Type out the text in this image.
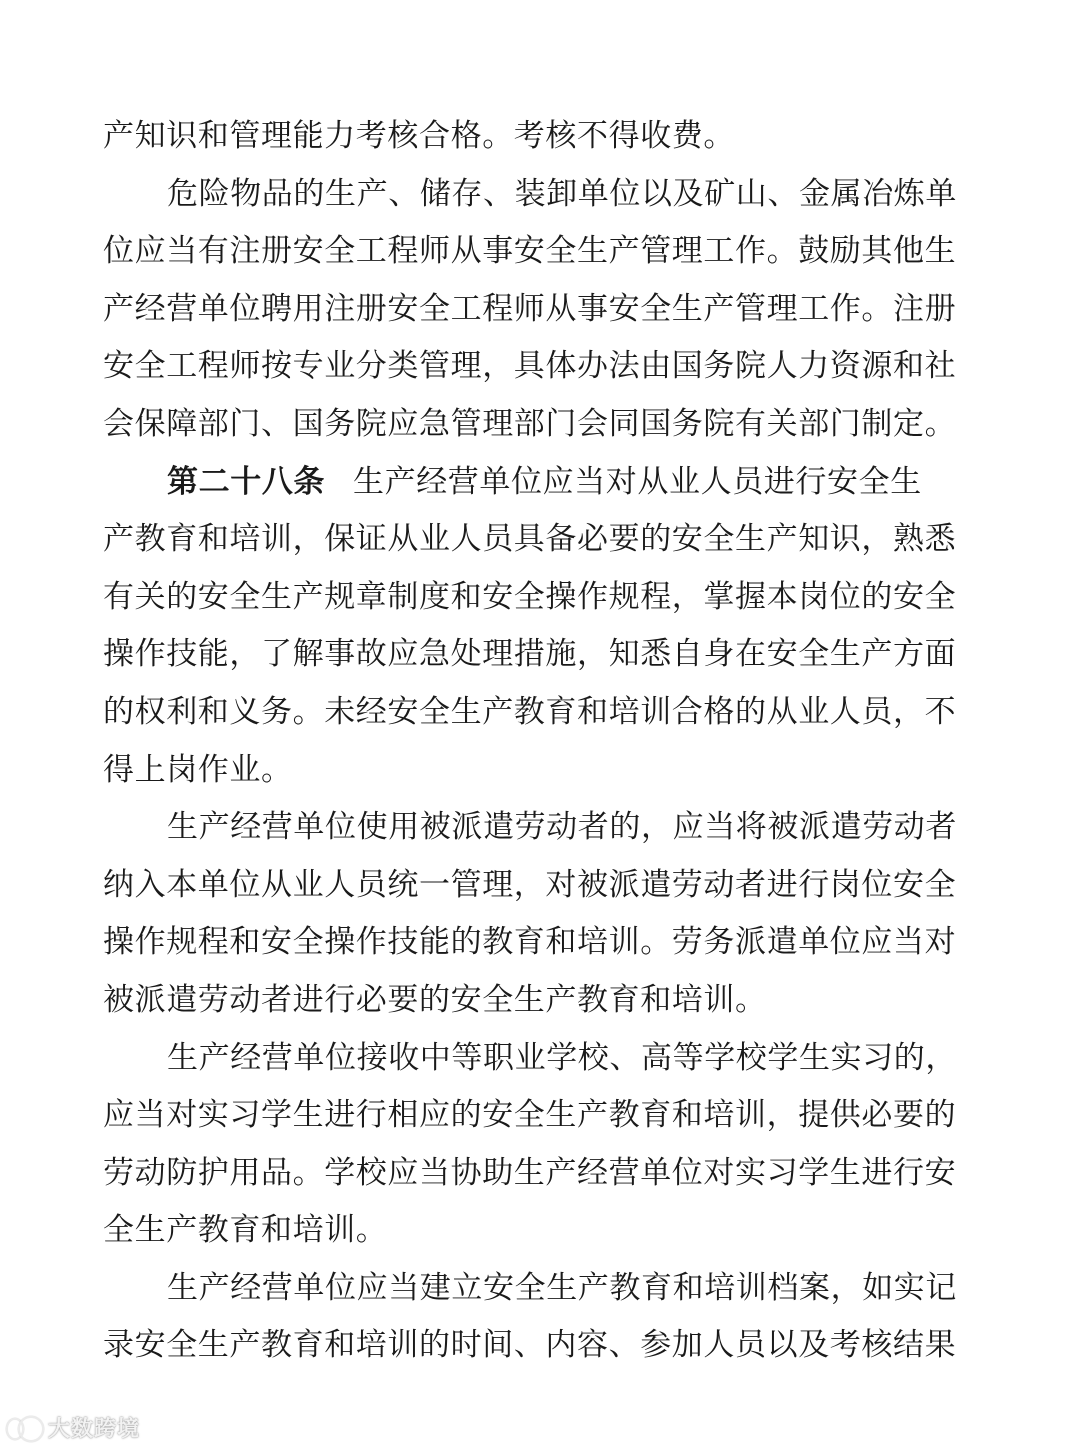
产知识和管理能力考核合格。考核不得收费。
危险物品的生产、储存、装卸单位以及矿山、金属冶炼单
位应当有注册安全工程师从事安全生产管理工作。鼓励其他生
产经营单位聘用注册安全工程师从事安全生产管理工作。注册
安全工程师按专业分类管理，具体办法由国务院人力资源和社
会保障部门、国务院应急管理部门会同国务院有关部门制定。
第二十八条 生产经营单位应当对从业人员进行安全生
产教育和培训，保证从业人员具备必要的安全生产知识，熟悉
有关的安全生产规章制度和安全操作规程，掌握本岗位的安全
操作技能，了解事故应急处理措施，知悉自身在安全生产方面
的权利和义务。未经安全生产教育和培训合格的从业人员，不
得上岗作业。
生产经营单位使用被派遣劳动者的，应当将被派遣劳动者
纳入本单位从业人员统一管理，对被派遣劳动者进行岗位安全
操作规程和安全操作技能的教育和培训。劳务派遣单位应当对
被派遣劳动者进行必要的安全生产教育和培训。
生产经营单位接收中等职业学校、高等学校学生实习的，
应当对实习学生进行相应的安全生产教育和培训，提供必要的
劳动防护用品。学校应当协助生产经营单位对实习学生进行安
全生产教育和培训。
生产经营单位应当建立安全生产教育和培训档案，如实记
录安全生产教育和培训的时间、内容、参加人员以及考核结果
大数跨境
